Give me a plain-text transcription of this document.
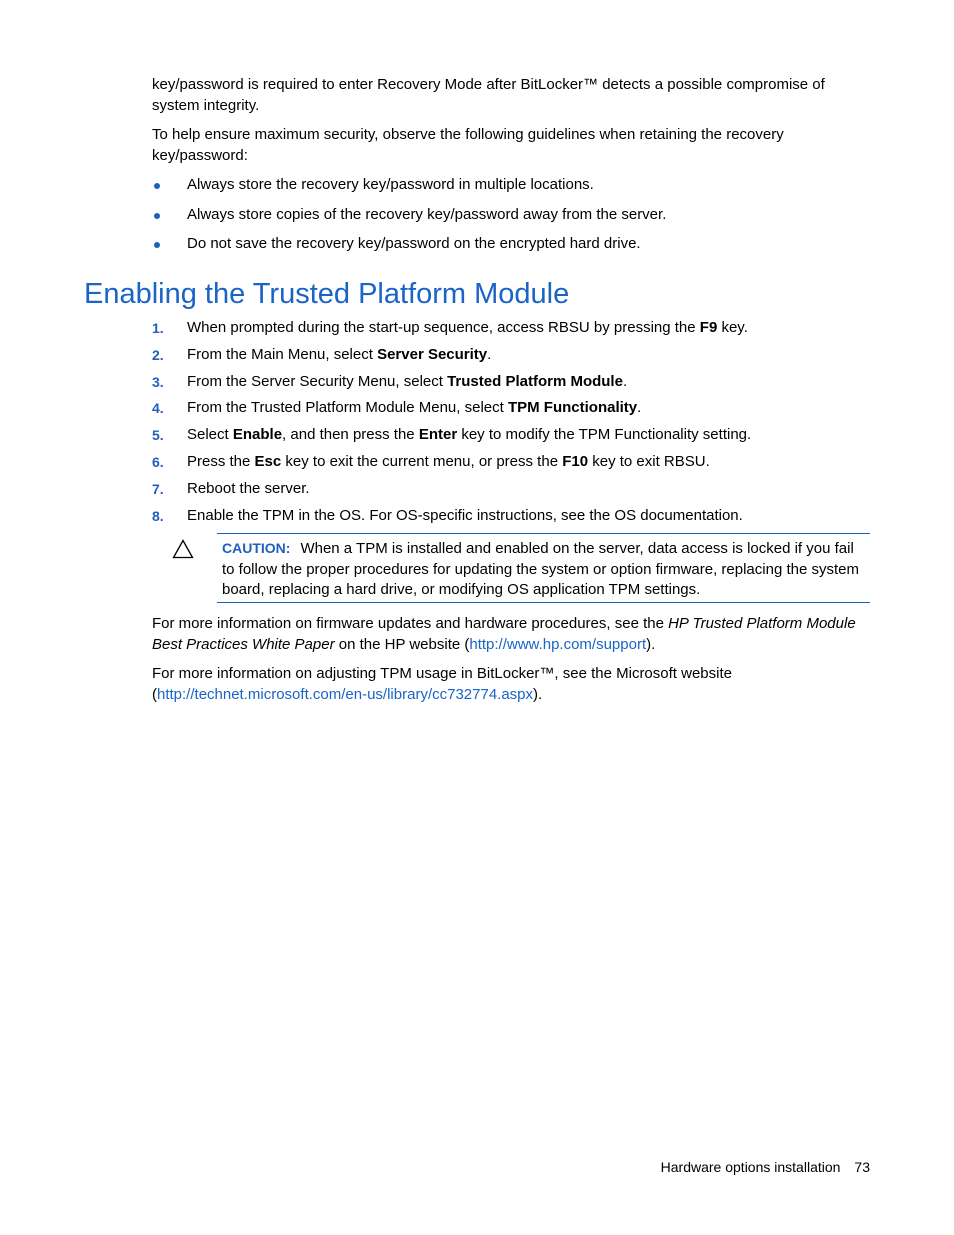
key/password is required to enter Recovery Mode after BitLocker™ detects a possible compromise of system integrity.

To help ensure maximum security, observe the following guidelines when retaining the recovery key/password:

Always store the recovery key/password in multiple locations.
Always store copies of the recovery key/password away from the server.
Do not save the recovery key/password on the encrypted hard drive.
Enabling the Trusted Platform Module
1. When prompted during the start-up sequence, access RBSU by pressing the F9 key.
2. From the Main Menu, select Server Security.
3. From the Server Security Menu, select Trusted Platform Module.
4. From the Trusted Platform Module Menu, select TPM Functionality.
5. Select Enable, and then press the Enter key to modify the TPM Functionality setting.
6. Press the Esc key to exit the current menu, or press the F10 key to exit RBSU.
7. Reboot the server.
8. Enable the TPM in the OS. For OS-specific instructions, see the OS documentation.

CAUTION: When a TPM is installed and enabled on the server, data access is locked if you fail to follow the proper procedures for updating the system or option firmware, replacing the system board, replacing a hard drive, or modifying OS application TPM settings.

For more information on firmware updates and hardware procedures, see the HP Trusted Platform Module Best Practices White Paper on the HP website (http://www.hp.com/support).

For more information on adjusting TPM usage in BitLocker™, see the Microsoft website (http://technet.microsoft.com/en-us/library/cc732774.aspx).

Hardware options installation 73
